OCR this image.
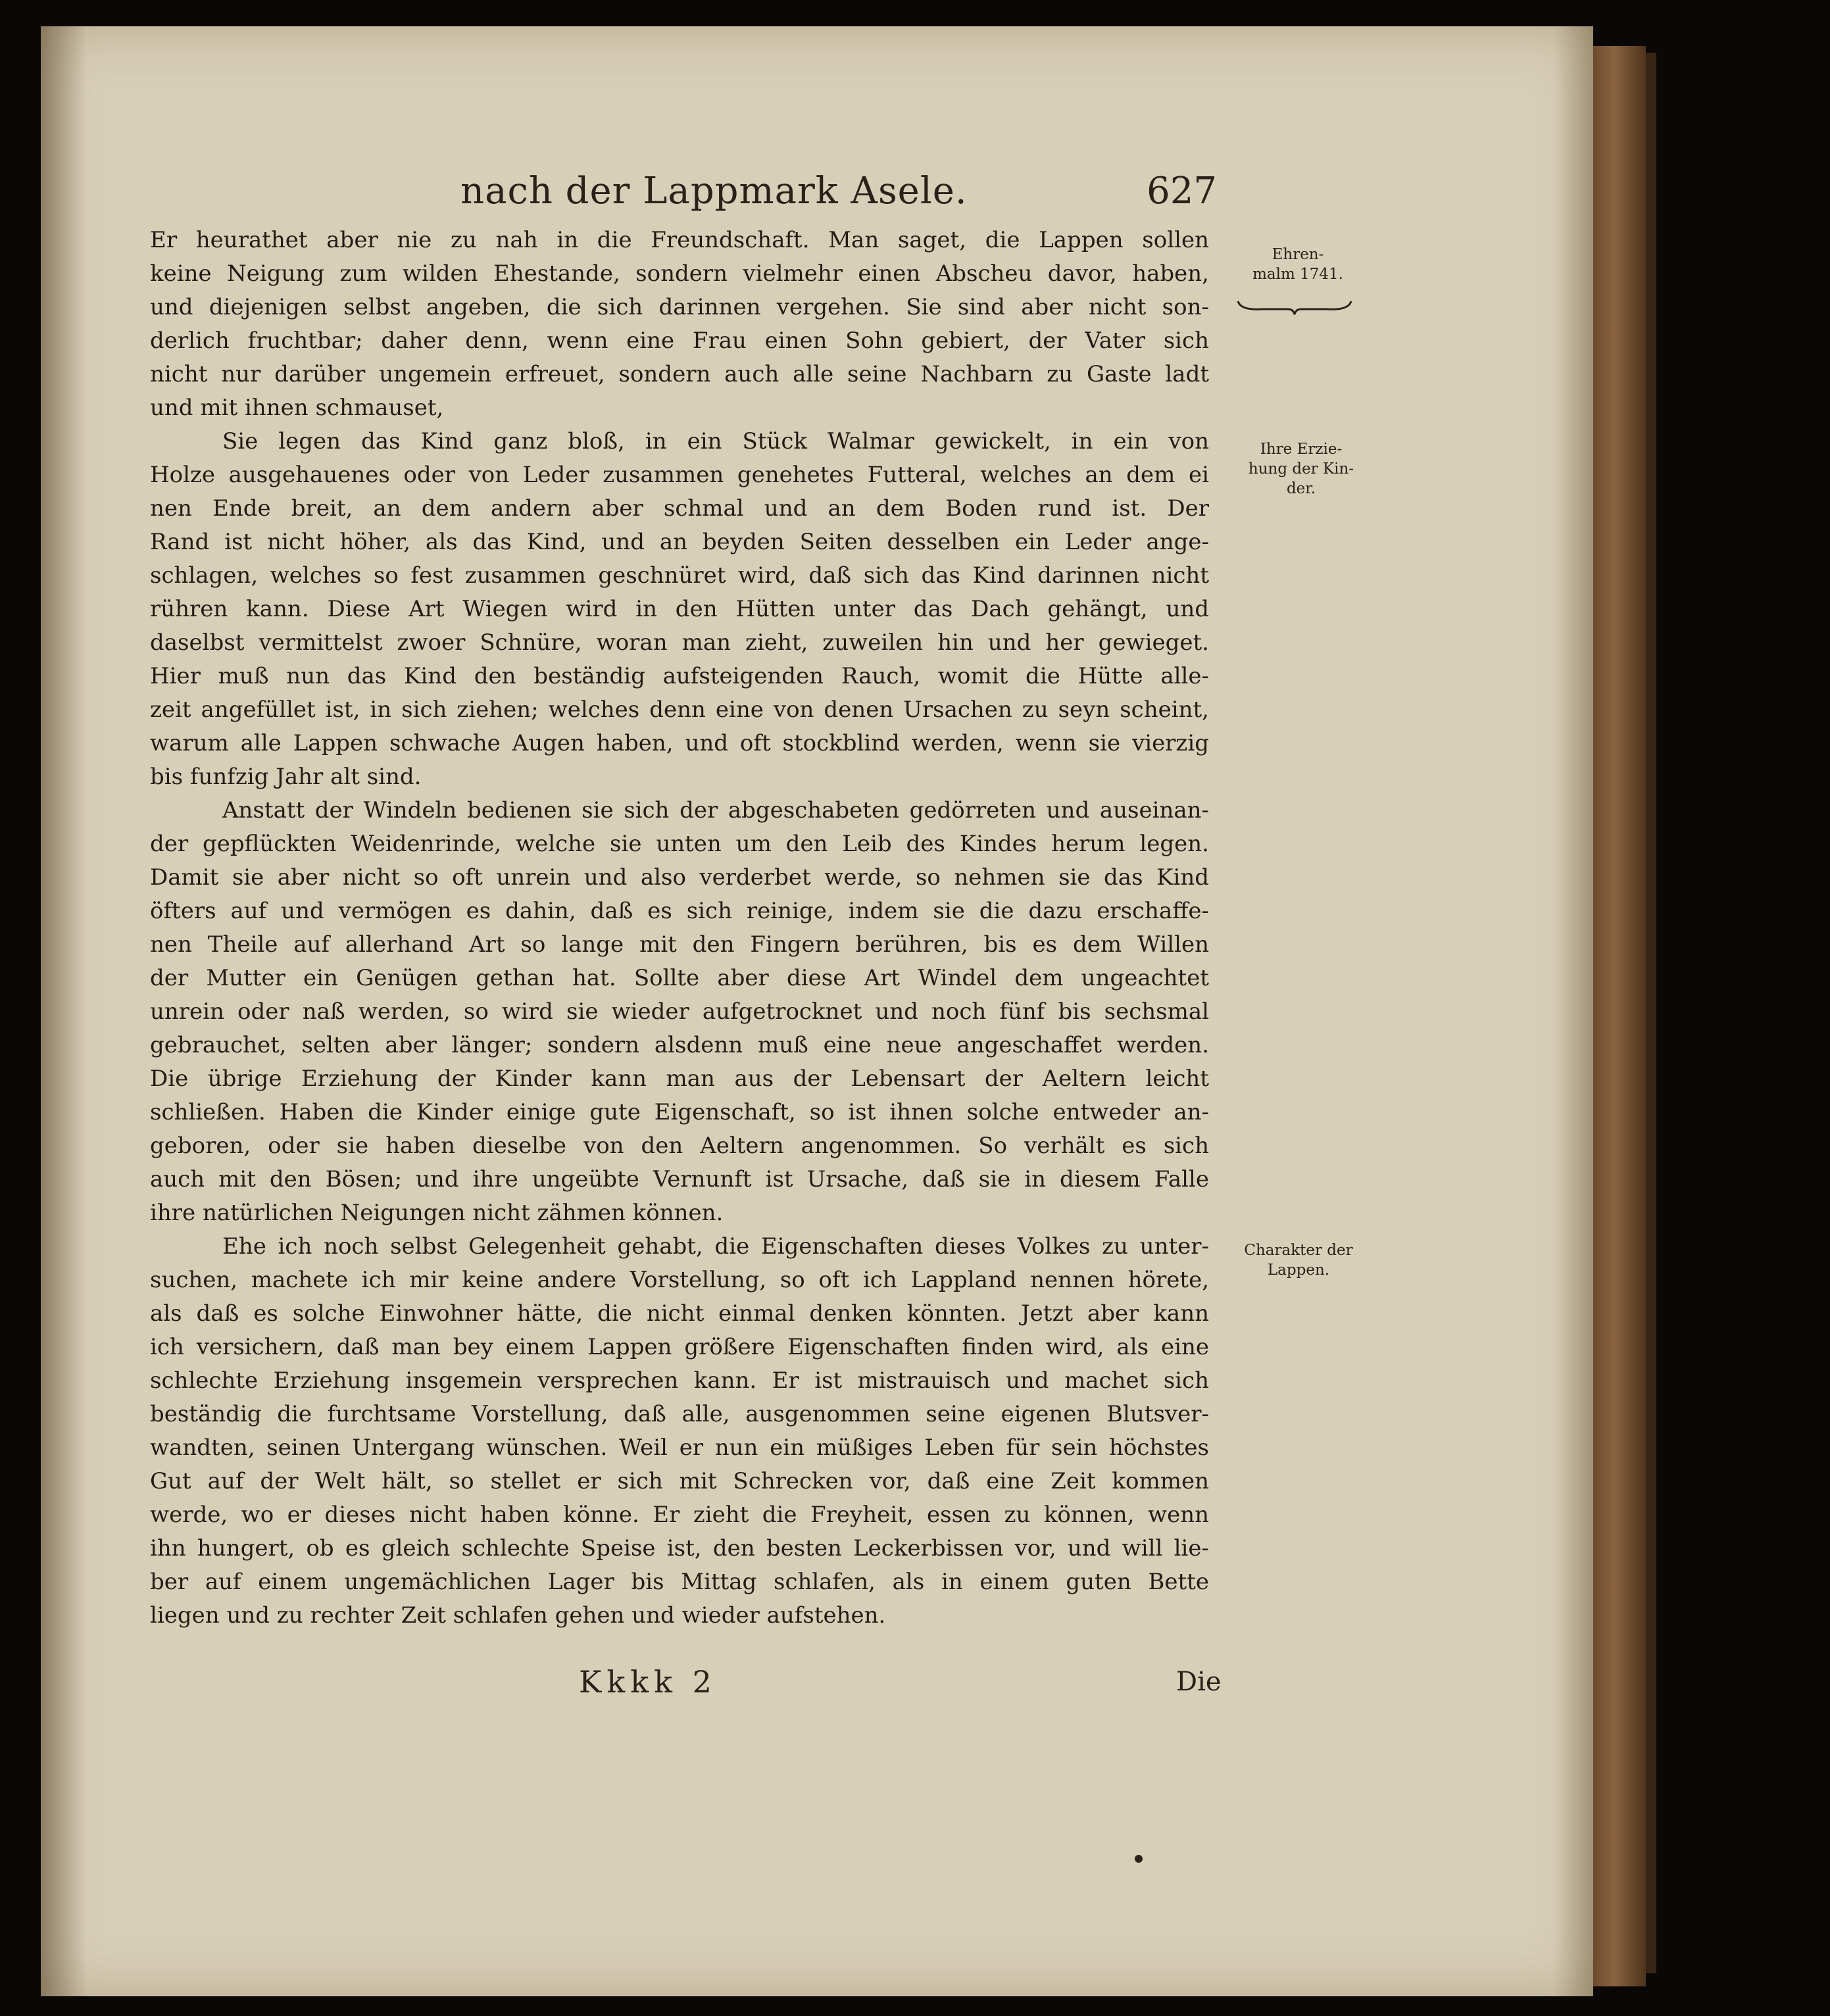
nach der Lappmark Asele.	627
Er heurathet aber nie zu nah in die Freundschaft. Man saget, die Lappen sollen
keine Neigung zum wilden Ehestande, sondern vielmehr einen Abscheu davor, haben,
und diejenigen selbst angeben, die sich darinnen vergehen. Sie sind aber nicht son-
derlich fruchtbar; daher denn, wenn eine Frau einen Sohn gebiert, der Vater sich
nicht nur darüber ungemein erfreuet, sondern auch alle seine Nachbarn zu Gaste ladt
und mit ihnen schmauset,
Sie legen das Kind ganz bloß, in ein Stück Walmar gewickelt, in ein von
Holze ausgehauenes oder von Leder zusammen genehetes Futteral, welches an dem ei
nen Ende breit, an dem andern aber schmal und an dem Boden rund ist. Der
Rand ist nicht höher, als das Kind, und an beyden Seiten desselben ein Leder ange-
schlagen, welches so fest zusammen geschnüret wird, daß sich das Kind darinnen nicht
rühren kann. Diese Art Wiegen wird in den Hütten unter das Dach gehängt, und
daselbst vermittelst zwoer Schnüre, woran man zieht, zuweilen hin und her gewieget.
Hier muß nun das Kind den beständig aufsteigenden Rauch, womit die Hütte alle-
zeit angefüllet ist, in sich ziehen; welches denn eine von denen Ursachen zu seyn scheint,
warum alle Lappen schwache Augen haben, und oft stockblind werden, wenn sie vierzig
bis funfzig Jahr alt sind.
Anstatt der Windeln bedienen sie sich der abgeschabeten gedörreten und auseinan-
der gepflückten Weidenrinde, welche sie unten um den Leib des Kindes herum legen.
Damit sie aber nicht so oft unrein und also verderbet werde, so nehmen sie das Kind
öfters auf und vermögen es dahin, daß es sich reinige, indem sie die dazu erschaffe-
nen Theile auf allerhand Art so lange mit den Fingern berühren, bis es dem Willen
der Mutter ein Genügen gethan hat. Sollte aber diese Art Windel dem ungeachtet
unrein oder naß werden, so wird sie wieder aufgetrocknet und noch fünf bis sechsmal
gebrauchet, selten aber länger; sondern alsdenn muß eine neue angeschaffet werden.
Die übrige Erziehung der Kinder kann man aus der Lebensart der Aeltern leicht
schließen. Haben die Kinder einige gute Eigenschaft, so ist ihnen solche entweder an-
geboren, oder sie haben dieselbe von den Aeltern angenommen. So verhält es sich
auch mit den Bösen; und ihre ungeübte Vernunft ist Ursache, daß sie in diesem Falle
ihre natürlichen Neigungen nicht zähmen können.
Ehe ich noch selbst Gelegenheit gehabt, die Eigenschaften dieses Volkes zu unter-
suchen, machete ich mir keine andere Vorstellung, so oft ich Lappland nennen hörete,
als daß es solche Einwohner hätte, die nicht einmal denken könnten. Jetzt aber kann
ich versichern, daß man bey einem Lappen größere Eigenschaften finden wird, als eine
schlechte Erziehung insgemein versprechen kann. Er ist mistrauisch und machet sich
beständig die furchtsame Vorstellung, daß alle, ausgenommen seine eigenen Blutsver-
wandten, seinen Untergang wünschen. Weil er nun ein müßiges Leben für sein höchstes
Gut auf der Welt hält, so stellet er sich mit Schrecken vor, daß eine Zeit kommen
werde, wo er dieses nicht haben könne. Er zieht die Freyheit, essen zu können, wenn
ihn hungert, ob es gleich schlechte Speise ist, den besten Leckerbissen vor, und will lie-
ber auf einem ungemächlichen Lager bis Mittag schlafen, als in einem guten Bette
liegen und zu rechter Zeit schlafen gehen und wieder aufstehen.
Ehren-
malm 1741.
Ihre Erzie-
hung der Kin-
der.
Charakter der
Lappen.
Kkkk 2	Die
